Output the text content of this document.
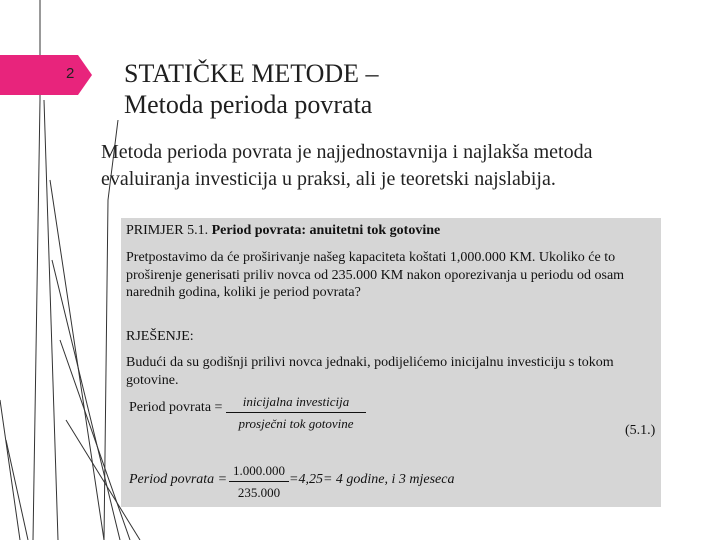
2 STATIČKE METODE –
Metoda perioda povrata
Metoda perioda povrata je najjednostavnija i najlakša metoda
evaluiranja investicija u praksi, ali je teoretski najslabija.
PRIMJER 5.1. Period povrata: anuitetni tok gotovine
Pretpostavimo da će proširivanje našeg kapaciteta koštati 1,000.000 KM. Ukoliko će to
proširenje generisati priliv novca od 235.000 KM nakon oporezivanja u periodu od osam
narednih godina, koliki je period povrata?
RJEŠENJE:
Budući da su godišnji prilivi novca jednaki, podijelićemo inicijalnu investiciju s tokom
gotovine.
Period povrata =	inicijalna investicija
prosječni tok gotovine	(5.1.)
Period povrata = $\frac{1.000.000}{235.000} =4,25= 4$ godine, i 3 mjeseca
